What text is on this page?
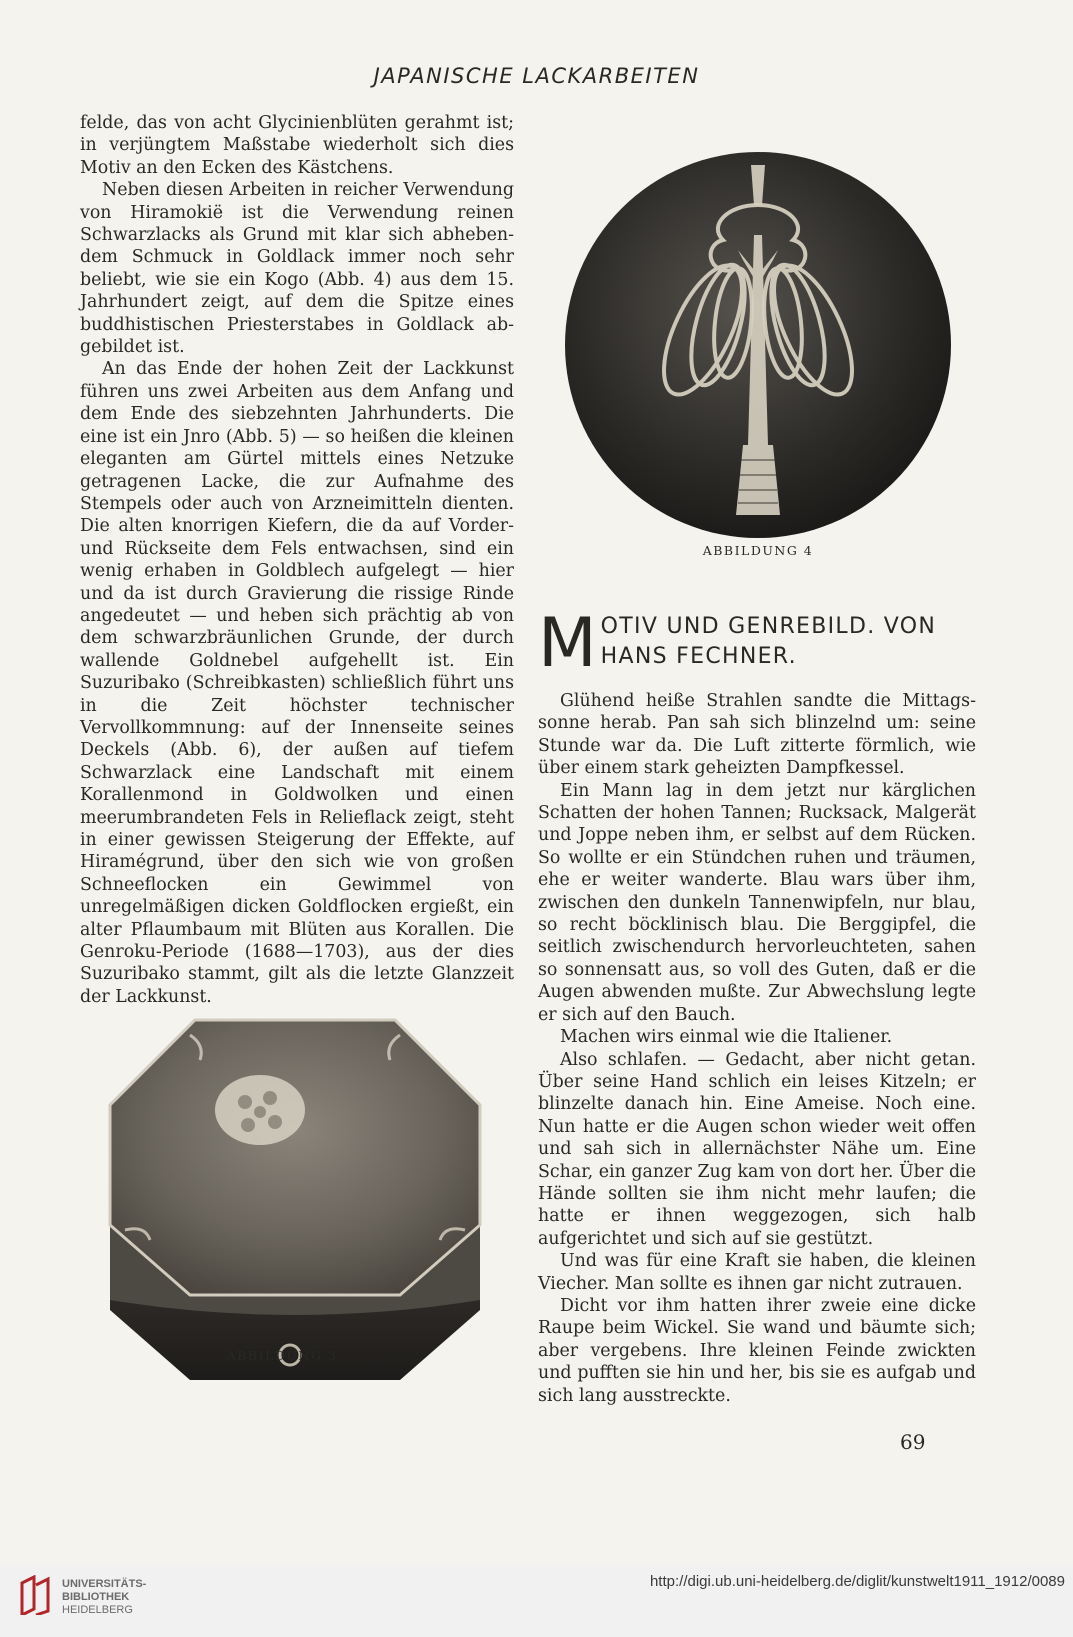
JAPANISCHE LACKARBEITEN

felde, das von acht Glycinienblüten gerahmt ist; in verjüngtem Maßstabe wiederholt sich dies Motiv an den Ecken des Kästchens.

Neben diesen Arbeiten in reicher Verwendung von Hiramokië ist die Verwendung reinen Schwarzlacks als Grund mit klar sich abhebendem Schmuck in Goldlack immer noch sehr beliebt, wie sie ein Kogo (Abb. 4) aus dem 15. Jahrhundert zeigt, auf dem die Spitze eines buddhistischen Priesterstabes in Goldlack abgebildet ist.

An das Ende der hohen Zeit der Lackkunst führen uns zwei Arbeiten aus dem Anfang und dem Ende des siebzehnten Jahrhunderts. Die eine ist ein Jnro (Abb. 5) — so heißen die kleinen eleganten am Gürtel mittels eines Netzuke getragenen Lacke, die zur Aufnahme des Stempels oder auch von Arzneimitteln dienten. Die alten knorrigen Kiefern, die da auf Vorder- und Rückseite dem Fels entwachsen, sind ein wenig erhaben in Goldblech aufgelegt — hier und da ist durch Gravierung die rissige Rinde angedeutet — und heben sich prächtig ab von dem schwarzbräunlichen Grunde, der durch wallende Goldnebel aufgehellt ist. Ein Suzuribako (Schreibkasten) schließlich führt uns in die Zeit höchster technischer Vervollkommnung: auf der Innenseite seines Deckels (Abb. 6), der außen auf tiefem Schwarzlack eine Landschaft mit einem Korallenmond in Goldwolken und einen meerumbrandeten Fels in Relieflack zeigt, steht in einer gewissen Steigerung der Effekte, auf Hiramégrund, über den sich wie von großen Schneeflocken ein Gewimmel von unregelmäßigen dicken Goldflocken ergießt, ein alter Pflaumbaum mit Blüten aus Korallen. Die Genroku-Periode (1688—1703), aus der dies Suzuribako stammt, gilt als die letzte Glanzzeit der Lackkunst.

ABBILDUNG 4
M OTIV UND GENREBILD. VON
HANS FECHNER.

Glühend heiße Strahlen sandte die Mittagssonne herab. Pan sah sich blinzelnd um: seine Stunde war da. Die Luft zitterte förmlich, wie über einem stark geheizten Dampfkessel.

Ein Mann lag in dem jetzt nur kärglichen Schatten der hohen Tannen; Rucksack, Malgerät und Joppe neben ihm, er selbst auf dem Rücken. So wollte er ein Stündchen ruhen und träumen, ehe er weiter wanderte. Blau wars über ihm, zwischen den dunkeln Tannenwipfeln, nur blau, so recht böcklinisch blau. Die Berggipfel, die seitlich zwischendurch hervorleuchteten, sahen so sonnensatt aus, so voll des Guten, daß er die Augen abwenden mußte. Zur Abwechslung legte er sich auf den Bauch.

Machen wirs einmal wie die Italiener.

Also schlafen. — Gedacht, aber nicht getan. Über seine Hand schlich ein leises Kitzeln; er blinzelte danach hin. Eine Ameise. Noch eine. Nun hatte er die Augen schon wieder weit offen und sah sich in allernächster Nähe um. Eine Schar, ein ganzer Zug kam von dort her. Über die Hände sollten sie ihm nicht mehr laufen; die hatte er ihnen weggezogen, sich halb aufgerichtet und sich auf sie gestützt.

Und was für eine Kraft sie haben, die kleinen Viecher. Man sollte es ihnen gar nicht zutrauen.

Dicht vor ihm hatten ihrer zweie eine dicke Raupe beim Wickel. Sie wand und bäumte sich; aber vergebens. Ihre kleinen Feinde zwickten und pufften sie hin und her, bis sie es aufgab und sich lang ausstreckte.

ABBILDUNG 3
69
UNIVERSITÄTS-
BIBLIOTHEK
HEIDELBERG
http://digi.ub.uni-heidelberg.de/diglit/kunstwelt1911_1912/0089
